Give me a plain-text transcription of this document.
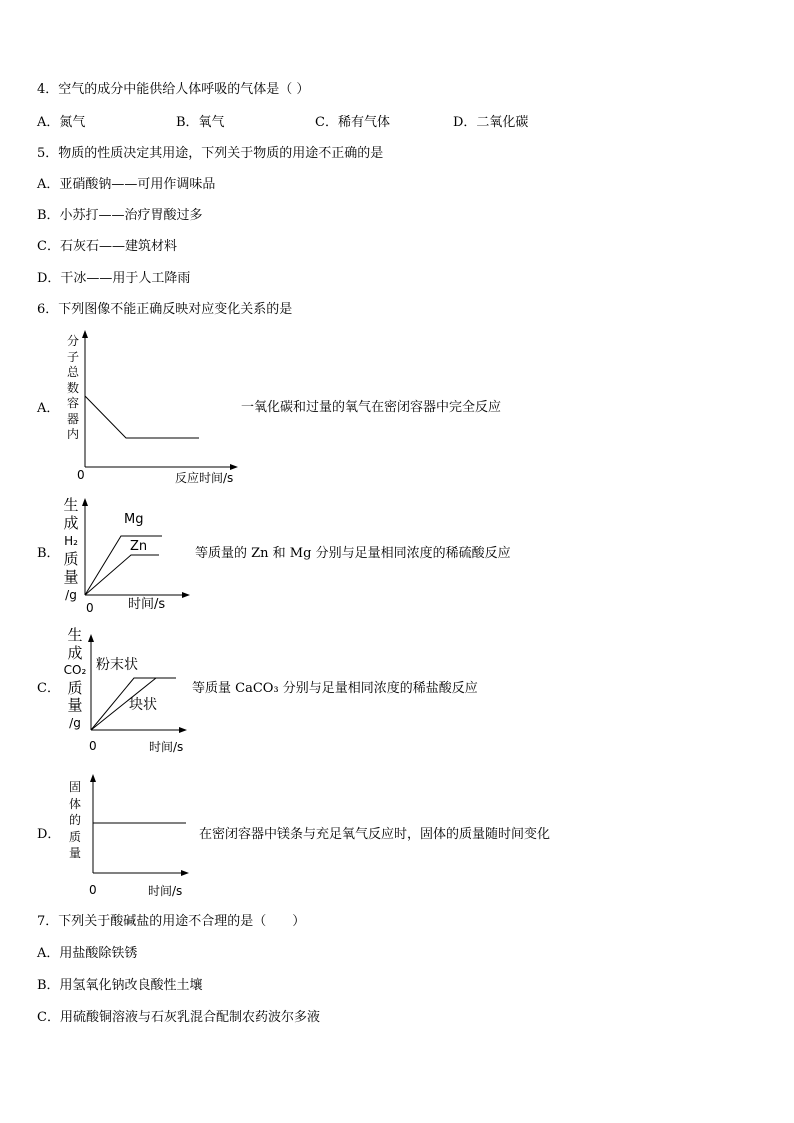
4．空气的成分中能供给人体呼吸的气体是（ ）
A．氮气	B．氧气	C．稀有气体	D．二氧化碳
5．物质的性质决定其用途，下列关于物质的用途不正确的是
A．亚硝酸钠——可用作调味品
B．小苏打——治疗胃酸过多
C．石灰石——建筑材料
D．干冰——用于人工降雨
6．下列图像不能正确反映对应变化关系的是
A．
分
子
总
数
容
器
内
0	反应时间/s
一氧化碳和过量的氧气在密闭容器中完全反应
B．
生
成
H₂
质
量
/g
Mg
Zn
0	时间/s
等质量的 Zn 和 Mg 分别与足量相同浓度的稀硫酸反应
C．
生
成
CO₂
质
量
/g
粉末状
块状
0	时间/s
等质量 CaCO₃ 分别与足量相同浓度的稀盐酸反应
D．
固
体
的
质
量
0	时间/s
在密闭容器中镁条与充足氧气反应时，固体的质量随时间变化
7．下列关于酸碱盐的用途不合理的是（　　）
A．用盐酸除铁锈
B．用氢氧化钠改良酸性土壤
C．用硫酸铜溶液与石灰乳混合配制农药波尔多液
